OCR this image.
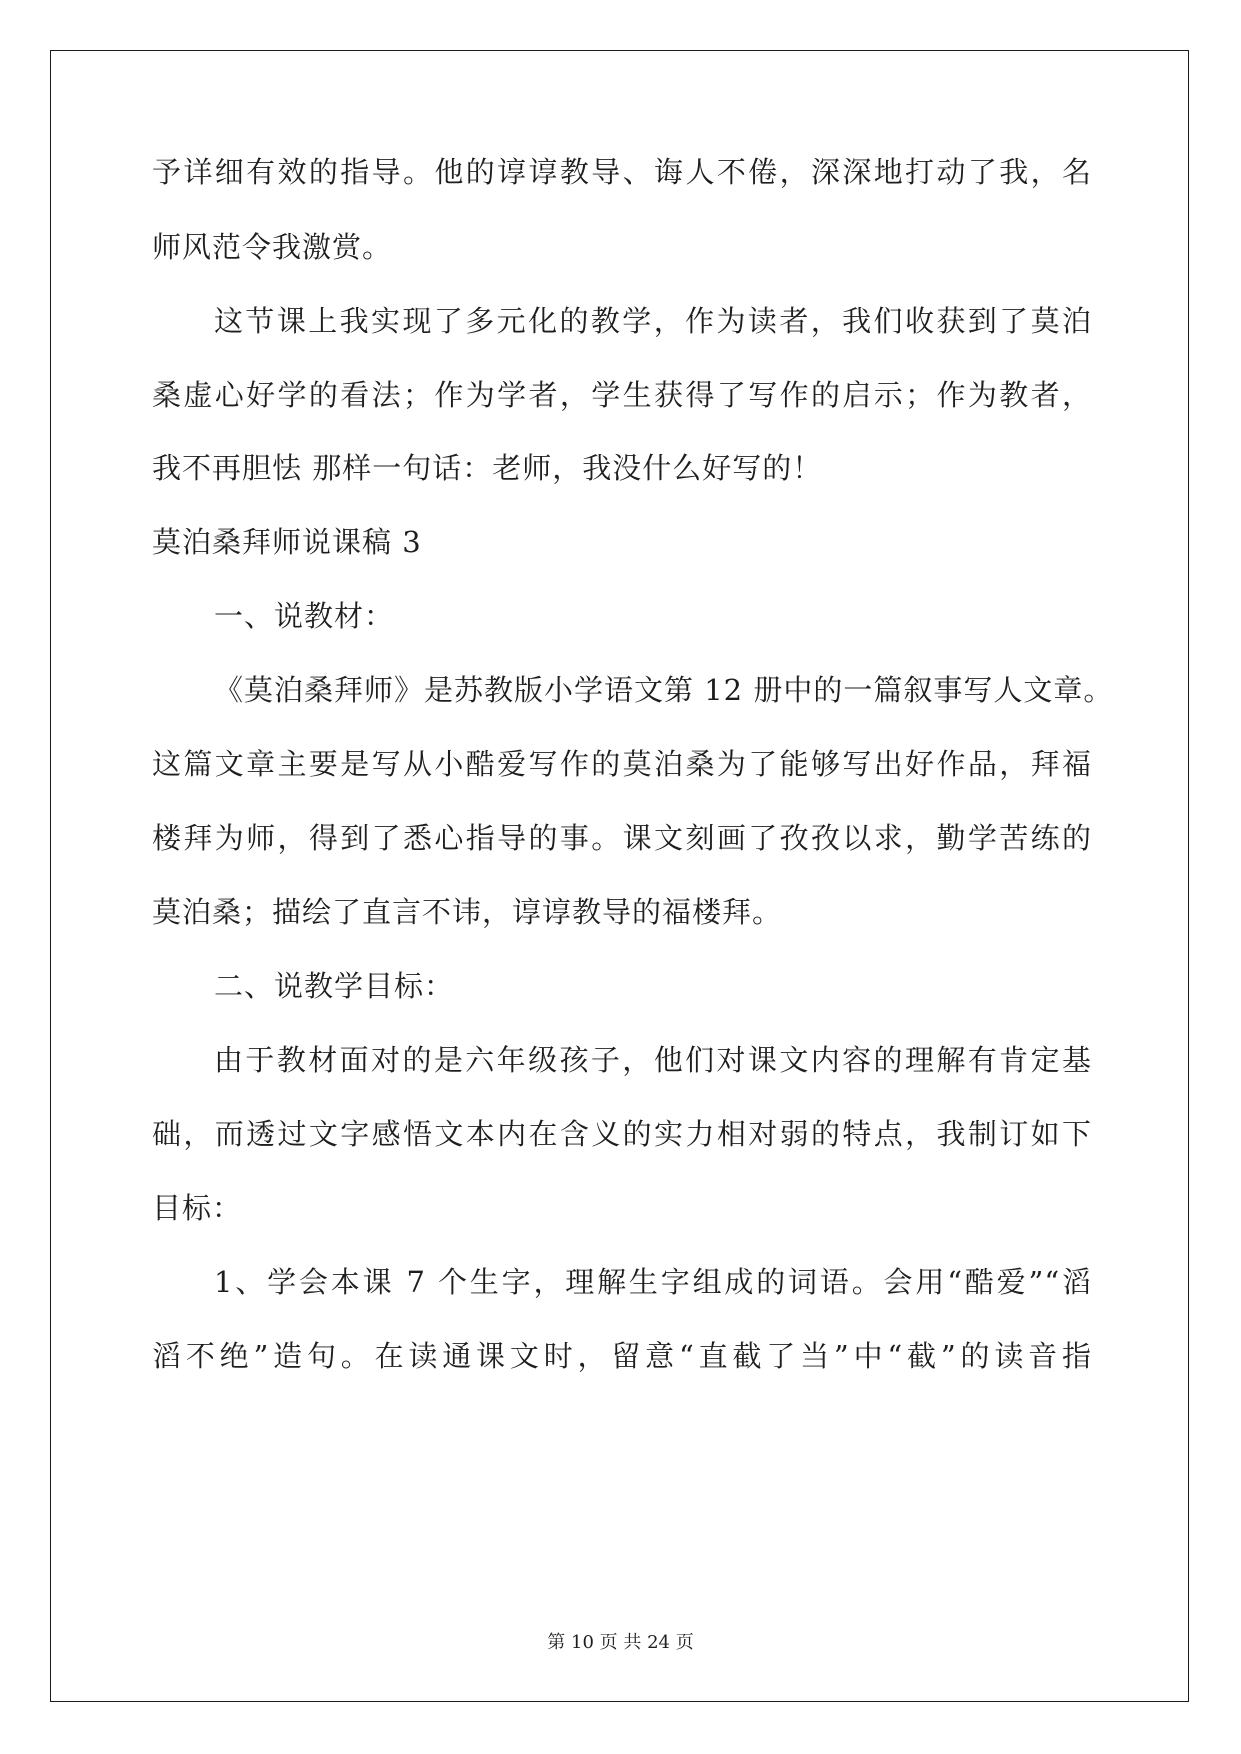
予详细有效的指导。他的谆谆教导、诲人不倦，深深地打动了我，名
师风范令我激赏。
这节课上我实现了多元化的教学，作为读者，我们收获到了莫泊
桑虚心好学的看法；作为学者，学生获得了写作的启示；作为教者，
我不再胆怯 那样一句话：老师，我没什么好写的！
莫泊桑拜师说课稿 3
一、说教材：
《莫泊桑拜师》是苏教版小学语文第 12 册中的一篇叙事写人文章。
这篇文章主要是写从小酷爱写作的莫泊桑为了能够写出好作品，拜福
楼拜为师，得到了悉心指导的事。课文刻画了孜孜以求，勤学苦练的
莫泊桑；描绘了直言不讳，谆谆教导的福楼拜。
二、说教学目标：
由于教材面对的是六年级孩子，他们对课文内容的理解有肯定基
础，而透过文字感悟文本内在含义的实力相对弱的特点，我制订如下
目标：
1、学会本课 7 个生字，理解生字组成的词语。会用“酷爱”“滔
滔不绝”造句。在读通课文时，留意“直截了当”中“截”的读音指
第 10 页 共 24 页
